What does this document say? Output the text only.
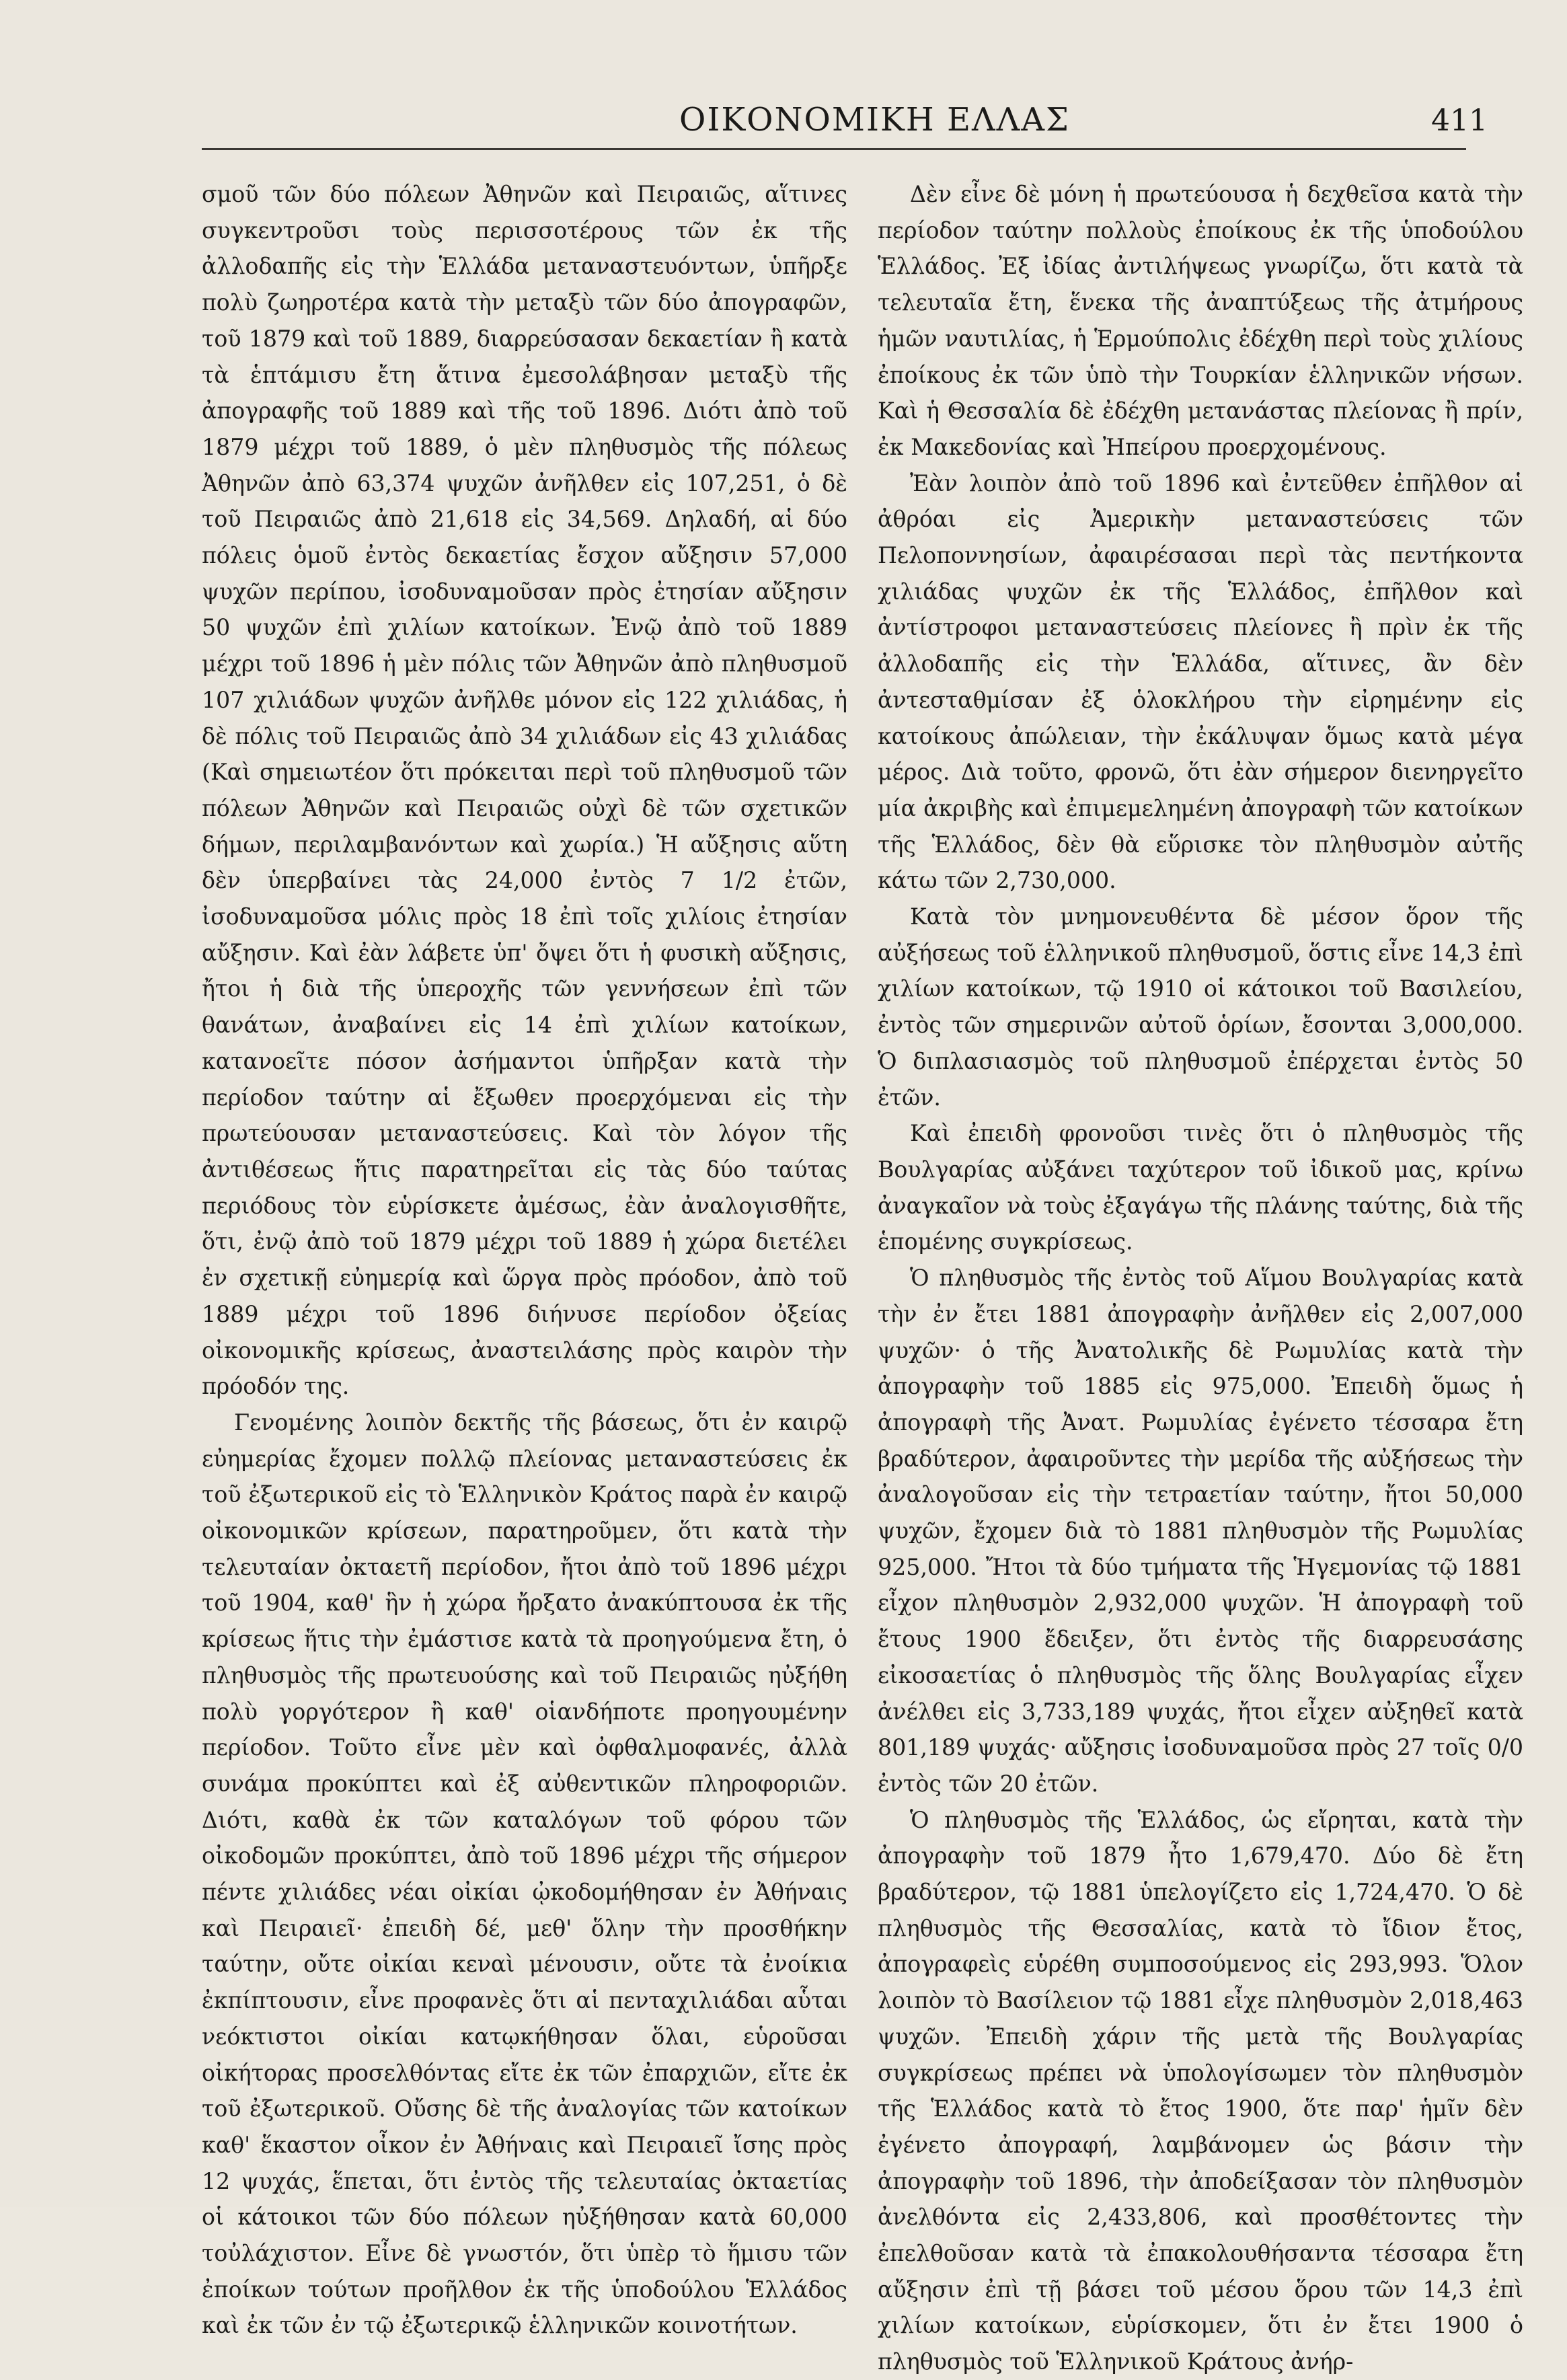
ΟΙΚΟΝΟΜΙΚΗ ΕΛΛΑΣ	411

σμοῦ τῶν δύο πόλεων Ἀθηνῶν καὶ Πειραιῶς, αἵτινες συγκεντροῦσι τοὺς περισσοτέρους τῶν ἐκ τῆς ἀλλοδαπῆς εἰς τὴν Ἑλλάδα μεταναστευόντων, ὑπῆρξε πολὺ ζωηροτέρα κατὰ τὴν μεταξὺ τῶν δύο ἀπογραφῶν, τοῦ 1879 καὶ τοῦ 1889, διαρρεύσασαν δεκαετίαν ἢ κατὰ τὰ ἑπτάμισυ ἔτη ἅτινα ἐμεσολάβησαν μεταξὺ τῆς ἀπογραφῆς τοῦ 1889 καὶ τῆς τοῦ 1896. Διότι ἀπὸ τοῦ 1879 μέχρι τοῦ 1889, ὁ μὲν πληθυσμὸς τῆς πόλεως Ἀθηνῶν ἀπὸ 63,374 ψυχῶν ἀνῆλθεν εἰς 107,251, ὁ δὲ τοῦ Πειραιῶς ἀπὸ 21,618 εἰς 34,569. Δηλαδή, αἱ δύο πόλεις ὁμοῦ ἐντὸς δεκαετίας ἔσχον αὔξησιν 57,000 ψυχῶν περίπου, ἰσοδυναμοῦσαν πρὸς ἐτησίαν αὔξησιν 50 ψυχῶν ἐπὶ χιλίων κατοίκων. Ἐνῷ ἀπὸ τοῦ 1889 μέχρι τοῦ 1896 ἡ μὲν πόλις τῶν Ἀθηνῶν ἀπὸ πληθυσμοῦ 107 χιλιάδων ψυχῶν ἀνῆλθε μόνον εἰς 122 χιλιάδας, ἡ δὲ πόλις τοῦ Πειραιῶς ἀπὸ 34 χιλιάδων εἰς 43 χιλιάδας (Καὶ σημειωτέον ὅτι πρόκειται περὶ τοῦ πληθυσμοῦ τῶν πόλεων Ἀθηνῶν καὶ Πειραιῶς οὐχὶ δὲ τῶν σχετικῶν δήμων, περιλαμβανόντων καὶ χωρία.) Ἡ αὔξησις αὕτη δὲν ὑπερβαίνει τὰς 24,000 ἐντὸς 7 1/2 ἐτῶν, ἰσοδυναμοῦσα μόλις πρὸς 18 ἐπὶ τοῖς χιλίοις ἐτησίαν αὔξησιν. Καὶ ἐὰν λάβετε ὑπ' ὄψει ὅτι ἡ φυσικὴ αὔξησις, ἤτοι ἡ διὰ τῆς ὑπεροχῆς τῶν γεννήσεων ἐπὶ τῶν θανάτων, ἀναβαίνει εἰς 14 ἐπὶ χιλίων κατοίκων, κατανοεῖτε πόσον ἀσήμαντοι ὑπῆρξαν κατὰ τὴν περίοδον ταύτην αἱ ἔξωθεν προερχόμεναι εἰς τὴν πρωτεύουσαν μεταναστεύσεις. Καὶ τὸν λόγον τῆς ἀντιθέσεως ἥτις παρατηρεῖται εἰς τὰς δύο ταύτας περιόδους τὸν εὑρίσκετε ἀμέσως, ἐὰν ἀναλογισθῆτε, ὅτι, ἐνῷ ἀπὸ τοῦ 1879 μέχρι τοῦ 1889 ἡ χώρα διετέλει ἐν σχετικῇ εὐημερίᾳ καὶ ὥργα πρὸς πρόοδον, ἀπὸ τοῦ 1889 μέχρι τοῦ 1896 διήνυσε περίοδον ὀξείας οἰκονομικῆς κρίσεως, ἀναστειλάσης πρὸς καιρὸν τὴν πρόοδόν της.

Γενομένης λοιπὸν δεκτῆς τῆς βάσεως, ὅτι ἐν καιρῷ εὐημερίας ἔχομεν πολλῷ πλείονας μεταναστεύσεις ἐκ τοῦ ἐξωτερικοῦ εἰς τὸ Ἑλληνικὸν Κράτος παρὰ ἐν καιρῷ οἰκονομικῶν κρίσεων, παρατηροῦμεν, ὅτι κατὰ τὴν τελευταίαν ὀκταετῆ περίοδον, ἤτοι ἀπὸ τοῦ 1896 μέχρι τοῦ 1904, καθ' ἣν ἡ χώρα ἤρξατο ἀνακύπτουσα ἐκ τῆς κρίσεως ἥτις τὴν ἐμάστισε κατὰ τὰ προηγούμενα ἔτη, ὁ πληθυσμὸς τῆς πρωτευούσης καὶ τοῦ Πειραιῶς ηὐξήθη πολὺ γοργότερον ἢ καθ' οἱανδήποτε προηγουμένην περίοδον. Τοῦτο εἶνε μὲν καὶ ὀφθαλμοφανές, ἀλλὰ συνάμα προκύπτει καὶ ἐξ αὐθεντικῶν πληροφοριῶν. Διότι, καθὰ ἐκ τῶν καταλόγων τοῦ φόρου τῶν οἰκοδομῶν προκύπτει, ἀπὸ τοῦ 1896 μέχρι τῆς σήμερον πέντε χιλιάδες νέαι οἰκίαι ᾠκοδομήθησαν ἐν Ἀθήναις καὶ Πειραιεῖ· ἐπειδὴ δέ, μεθ' ὅλην τὴν προσθήκην ταύτην, οὔτε οἰκίαι κεναὶ μένουσιν, οὔτε τὰ ἐνοίκια ἐκπίπτουσιν, εἶνε προφανὲς ὅτι αἱ πενταχιλιάδαι αὗται νεόκτιστοι οἰκίαι κατῳκήθησαν ὅλαι, εὑροῦσαι οἰκήτορας προσελθόντας εἴτε ἐκ τῶν ἐπαρχιῶν, εἴτε ἐκ τοῦ ἐξωτερικοῦ. Οὔσης δὲ τῆς ἀναλογίας τῶν κατοίκων καθ' ἕκαστον οἶκον ἐν Ἀθήναις καὶ Πειραιεῖ ἴσης πρὸς 12 ψυχάς, ἕπεται, ὅτι ἐντὸς τῆς τελευταίας ὀκταετίας οἱ κάτοικοι τῶν δύο πόλεων ηὐξήθησαν κατὰ 60,000 τοὐλάχιστον. Εἶνε δὲ γνωστόν, ὅτι ὑπὲρ τὸ ἥμισυ τῶν ἐποίκων τούτων προῆλθον ἐκ τῆς ὑποδούλου Ἑλλάδος καὶ ἐκ τῶν ἐν τῷ ἐξωτερικῷ ἑλληνικῶν κοινοτήτων.

Δὲν εἶνε δὲ μόνη ἡ πρωτεύουσα ἡ δεχθεῖσα κατὰ τὴν περίοδον ταύτην πολλοὺς ἐποίκους ἐκ τῆς ὑποδούλου Ἑλλάδος. Ἐξ ἰδίας ἀντιλήψεως γνωρίζω, ὅτι κατὰ τὰ τελευταῖα ἔτη, ἕνεκα τῆς ἀναπτύξεως τῆς ἀτμήρους ἡμῶν ναυτιλίας, ἡ Ἑρμούπολις ἐδέχθη περὶ τοὺς χιλίους ἐποίκους ἐκ τῶν ὑπὸ τὴν Τουρκίαν ἑλληνικῶν νήσων. Καὶ ἡ Θεσσαλία δὲ ἐδέχθη μετανάστας πλείονας ἢ πρίν, ἐκ Μακεδονίας καὶ Ἠπείρου προερχομένους.

Ἐὰν λοιπὸν ἀπὸ τοῦ 1896 καὶ ἐντεῦθεν ἐπῆλθον αἱ ἀθρόαι εἰς Ἀμερικὴν μεταναστεύσεις τῶν Πελοποννησίων, ἀφαιρέσασαι περὶ τὰς πεντήκοντα χιλιάδας ψυχῶν ἐκ τῆς Ἑλλάδος, ἐπῆλθον καὶ ἀντίστροφοι μεταναστεύσεις πλείονες ἢ πρὶν ἐκ τῆς ἀλλοδαπῆς εἰς τὴν Ἑλλάδα, αἵτινες, ἂν δὲν ἀντεσταθμίσαν ἐξ ὁλοκλήρου τὴν εἰρημένην εἰς κατοίκους ἀπώλειαν, τὴν ἐκάλυψαν ὅμως κατὰ μέγα μέρος. Διὰ τοῦτο, φρονῶ, ὅτι ἐὰν σήμερον διενηργεῖτο μία ἀκριβὴς καὶ ἐπιμεμελημένη ἀπογραφὴ τῶν κατοίκων τῆς Ἑλλάδος, δὲν θὰ εὕρισκε τὸν πληθυσμὸν αὐτῆς κάτω τῶν 2,730,000.

Κατὰ τὸν μνημονευθέντα δὲ μέσον ὅρον τῆς αὐξήσεως τοῦ ἑλληνικοῦ πληθυσμοῦ, ὅστις εἶνε 14,3 ἐπὶ χιλίων κατοίκων, τῷ 1910 οἱ κάτοικοι τοῦ Βασιλείου, ἐντὸς τῶν σημερινῶν αὐτοῦ ὁρίων, ἔσονται 3,000,000. Ὁ διπλασιασμὸς τοῦ πληθυσμοῦ ἐπέρχεται ἐντὸς 50 ἐτῶν.

Καὶ ἐπειδὴ φρονοῦσι τινὲς ὅτι ὁ πληθυσμὸς τῆς Βουλγαρίας αὐξάνει ταχύτερον τοῦ ἰδικοῦ μας, κρίνω ἀναγκαῖον νὰ τοὺς ἐξαγάγω τῆς πλάνης ταύτης, διὰ τῆς ἑπομένης συγκρίσεως.

Ὁ πληθυσμὸς τῆς ἐντὸς τοῦ Αἵμου Βουλγαρίας κατὰ τὴν ἐν ἔτει 1881 ἀπογραφὴν ἀνῆλθεν εἰς 2,007,000 ψυχῶν· ὁ τῆς Ἀνατολικῆς δὲ Ρωμυλίας κατὰ τὴν ἀπογραφὴν τοῦ 1885 εἰς 975,000. Ἐπειδὴ ὅμως ἡ ἀπογραφὴ τῆς Ἀνατ. Ρωμυλίας ἐγένετο τέσσαρα ἔτη βραδύτερον, ἀφαιροῦντες τὴν μερίδα τῆς αὐξήσεως τὴν ἀναλογοῦσαν εἰς τὴν τετραετίαν ταύτην, ἤτοι 50,000 ψυχῶν, ἔχομεν διὰ τὸ 1881 πληθυσμὸν τῆς Ρωμυλίας 925,000. Ἤτοι τὰ δύο τμήματα τῆς Ἡγεμονίας τῷ 1881 εἶχον πληθυσμὸν 2,932,000 ψυχῶν. Ἡ ἀπογραφὴ τοῦ ἔτους 1900 ἔδειξεν, ὅτι ἐντὸς τῆς διαρρευσάσης εἰκοσαετίας ὁ πληθυσμὸς τῆς ὅλης Βουλγαρίας εἶχεν ἀνέλθει εἰς 3,733,189 ψυχάς, ἤτοι εἶχεν αὐξηθεῖ κατὰ 801,189 ψυχάς· αὔξησις ἰσοδυναμοῦσα πρὸς 27 τοῖς 0/0 ἐντὸς τῶν 20 ἐτῶν.

Ὁ πληθυσμὸς τῆς Ἑλλάδος, ὡς εἴρηται, κατὰ τὴν ἀπογραφὴν τοῦ 1879 ἦτο 1,679,470. Δύο δὲ ἔτη βραδύτερον, τῷ 1881 ὑπελογίζετο εἰς 1,724,470. Ὁ δὲ πληθυσμὸς τῆς Θεσσαλίας, κατὰ τὸ ἴδιον ἔτος, ἀπογραφεὶς εὑρέθη συμποσούμενος εἰς 293,993. Ὅλον λοιπὸν τὸ Βασίλειον τῷ 1881 εἶχε πληθυσμὸν 2,018,463 ψυχῶν. Ἐπειδὴ χάριν τῆς μετὰ τῆς Βουλγαρίας συγκρίσεως πρέπει νὰ ὑπολογίσωμεν τὸν πληθυσμὸν τῆς Ἑλλάδος κατὰ τὸ ἔτος 1900, ὅτε παρ' ἡμῖν δὲν ἐγένετο ἀπογραφή, λαμβάνομεν ὡς βάσιν τὴν ἀπογραφὴν τοῦ 1896, τὴν ἀποδείξασαν τὸν πληθυσμὸν ἀνελθόντα εἰς 2,433,806, καὶ προσθέτοντες τὴν ἐπελθοῦσαν κατὰ τὰ ἐπακολουθήσαντα τέσσαρα ἔτη αὔξησιν ἐπὶ τῇ βάσει τοῦ μέσου ὅρου τῶν 14,3 ἐπὶ χιλίων κατοίκων, εὑρίσκομεν, ὅτι ἐν ἔτει 1900 ὁ πληθυσμὸς τοῦ Ἑλληνικοῦ Κράτους ἀνήρ-
